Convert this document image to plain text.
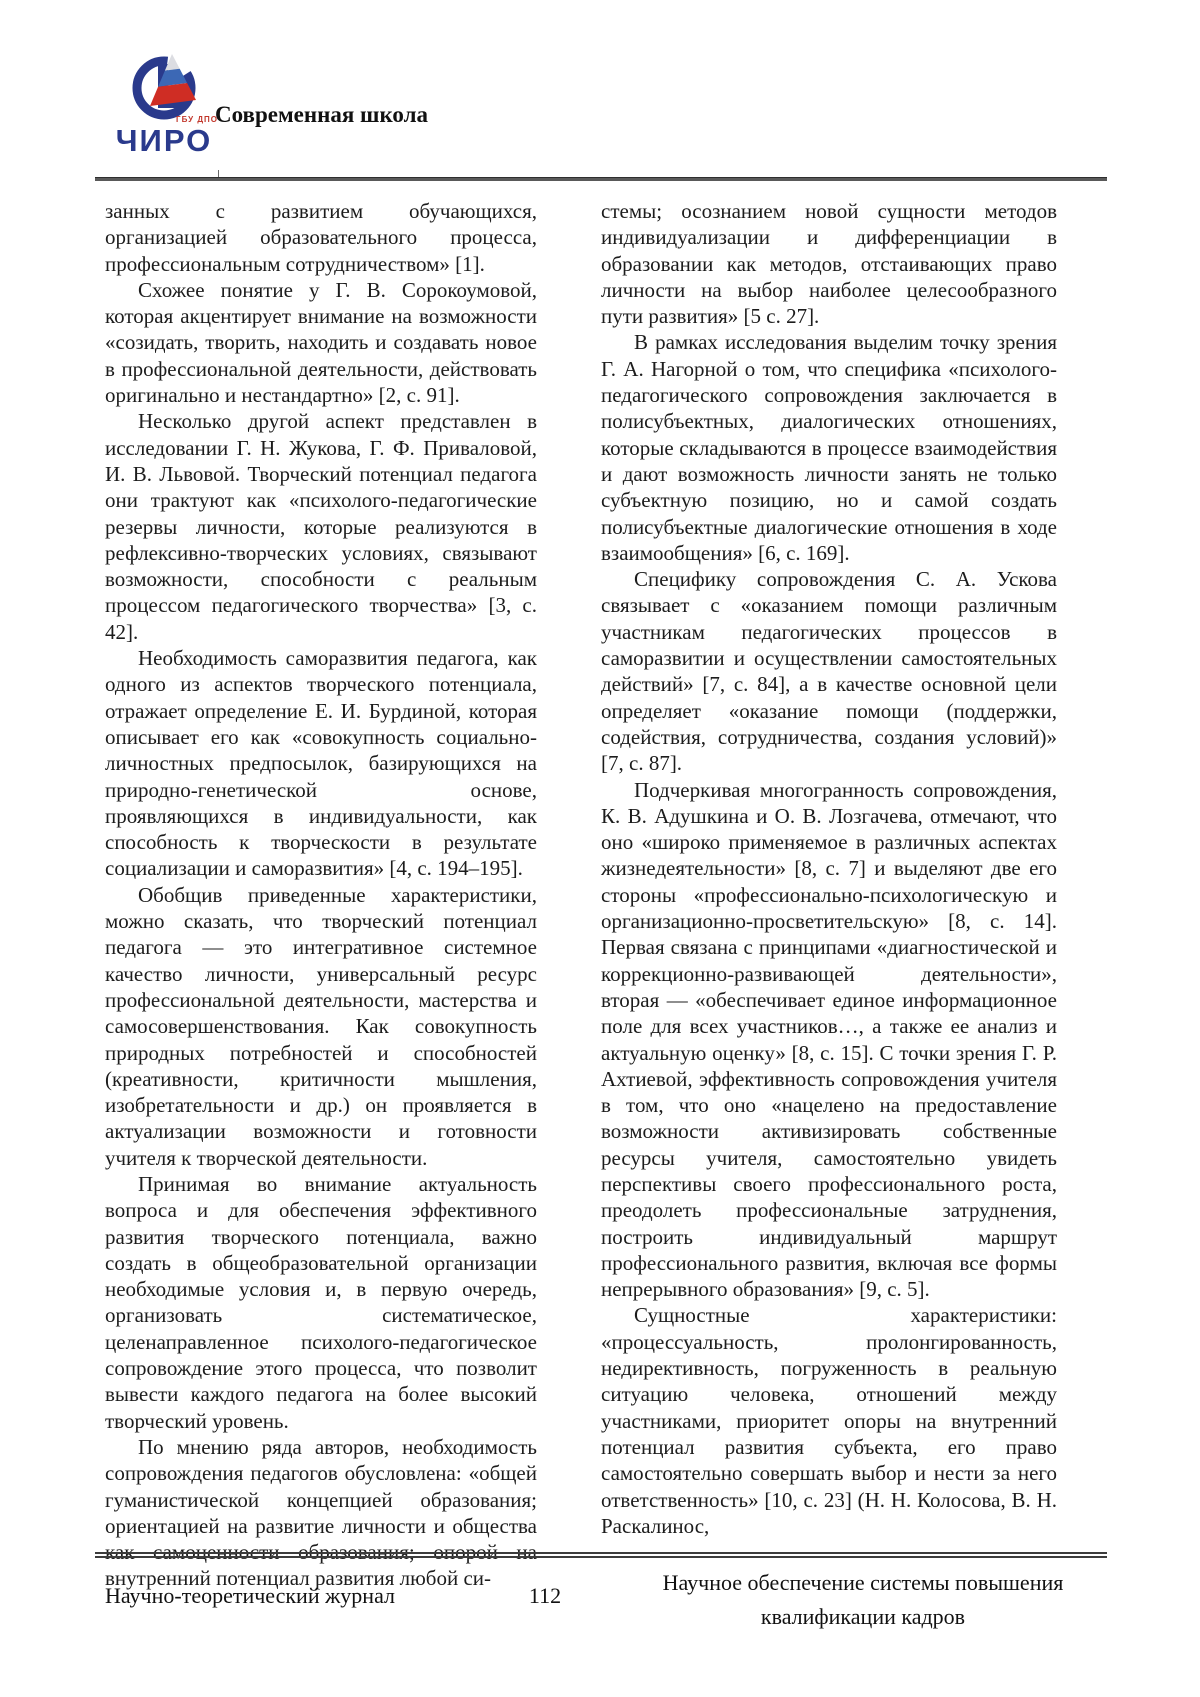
ГБУ ДПО
ЧИРО
Современная школа

занных с развитием обучающихся, организацией образовательного процесса, профессиональным сотрудничеством» [1].

Схожее понятие у Г. В. Сорокоумовой, которая акцентирует внимание на возможности «созидать, творить, находить и создавать новое в профессиональной деятельности, действовать оригинально и нестандартно» [2, с. 91].

Несколько другой аспект представлен в исследовании Г. Н. Жукова, Г. Ф. Приваловой, И. В. Львовой. Творческий потенциал педагога они трактуют как «психолого-педагогические резервы личности, которые реализуются в рефлексивно-творческих условиях, связывают возможности, способности с реальным процессом педагогического творчества» [3, с. 42].

Необходимость саморазвития педагога, как одного из аспектов творческого потенциала, отражает определение Е. И. Бурдиной, которая описывает его как «совокупность социально-личностных предпосылок, базирующихся на природно-генетической основе, проявляющихся в индивидуальности, как способность к творческости в результате социализации и саморазвития» [4, с. 194–195].

Обобщив приведенные характеристики, можно сказать, что творческий потенциал педагога — это интегративное системное качество личности, универсальный ресурс профессиональной деятельности, мастерства и самосовершенствования. Как совокупность природных потребностей и способностей (креативности, критичности мышления, изобретательности и др.) он проявляется в актуализации возможности и готовности учителя к творческой деятельности.

Принимая во внимание актуальность вопроса и для обеспечения эффективного развития творческого потенциала, важно создать в общеобразовательной организации необходимые условия и, в первую очередь, организовать систематическое, целенаправленное психолого-педагогическое сопровождение этого процесса, что позволит вывести каждого педагога на более высокий творческий уровень.

По мнению ряда авторов, необходимость сопровождения педагогов обусловлена: «общей гуманистической концепцией образования; ориентацией на развитие личности и общества как самоценности образования; опорой на внутренний потенциал развития любой си-

стемы; осознанием новой сущности методов индивидуализации и дифференциации в образовании как методов, отстаивающих право личности на выбор наиболее целесообразного пути развития» [5 с. 27].

В рамках исследования выделим точку зрения Г. А. Нагорной о том, что специфика «психолого-педагогического сопровождения заключается в полисубъектных, диалогических отношениях, которые складываются в процессе взаимодействия и дают возможность личности занять не только субъектную позицию, но и самой создать полисубъектные диалогические отношения в ходе взаимообщения» [6, с. 169].

Специфику сопровождения С. А. Ускова связывает с «оказанием помощи различным участникам педагогических процессов в саморазвитии и осуществлении самостоятельных действий» [7, с. 84], а в качестве основной цели определяет «оказание помощи (поддержки, содействия, сотрудничества, создания условий)» [7, с. 87].

Подчеркивая многогранность сопровождения, К. В. Адушкина и О. В. Лозгачева, отмечают, что оно «широко применяемое в различных аспектах жизнедеятельности» [8, с. 7] и выделяют две его стороны «профессионально-психологическую и организационно-просветительскую» [8, с. 14]. Первая связана с принципами «диагностической и коррекционно-развивающей деятельности», вторая — «обеспечивает единое информационное поле для всех участников…, а также ее анализ и актуальную оценку» [8, с. 15]. С точки зрения Г. Р. Ахтиевой, эффективность сопровождения учителя в том, что оно «нацелено на предоставление возможности активизировать собственные ресурсы учителя, самостоятельно увидеть перспективы своего профессионального роста, преодолеть профессиональные затруднения, построить индивидуальный маршрут профессионального развития, включая все формы непрерывного образования» [9, с. 5].

Сущностные характеристики: «процессуальность, пролонгированность, недирективность, погруженность в реальную ситуацию человека, отношений между участниками, приоритет опоры на внутренний потенциал развития субъекта, его право самостоятельно совершать выбор и нести за него ответственность» [10, с. 23] (Н. Н. Колосова, В. Н. Раскалинос,

Научно-теоретический журнал	112
Научное обеспечение системы повышения квалификации кадров
